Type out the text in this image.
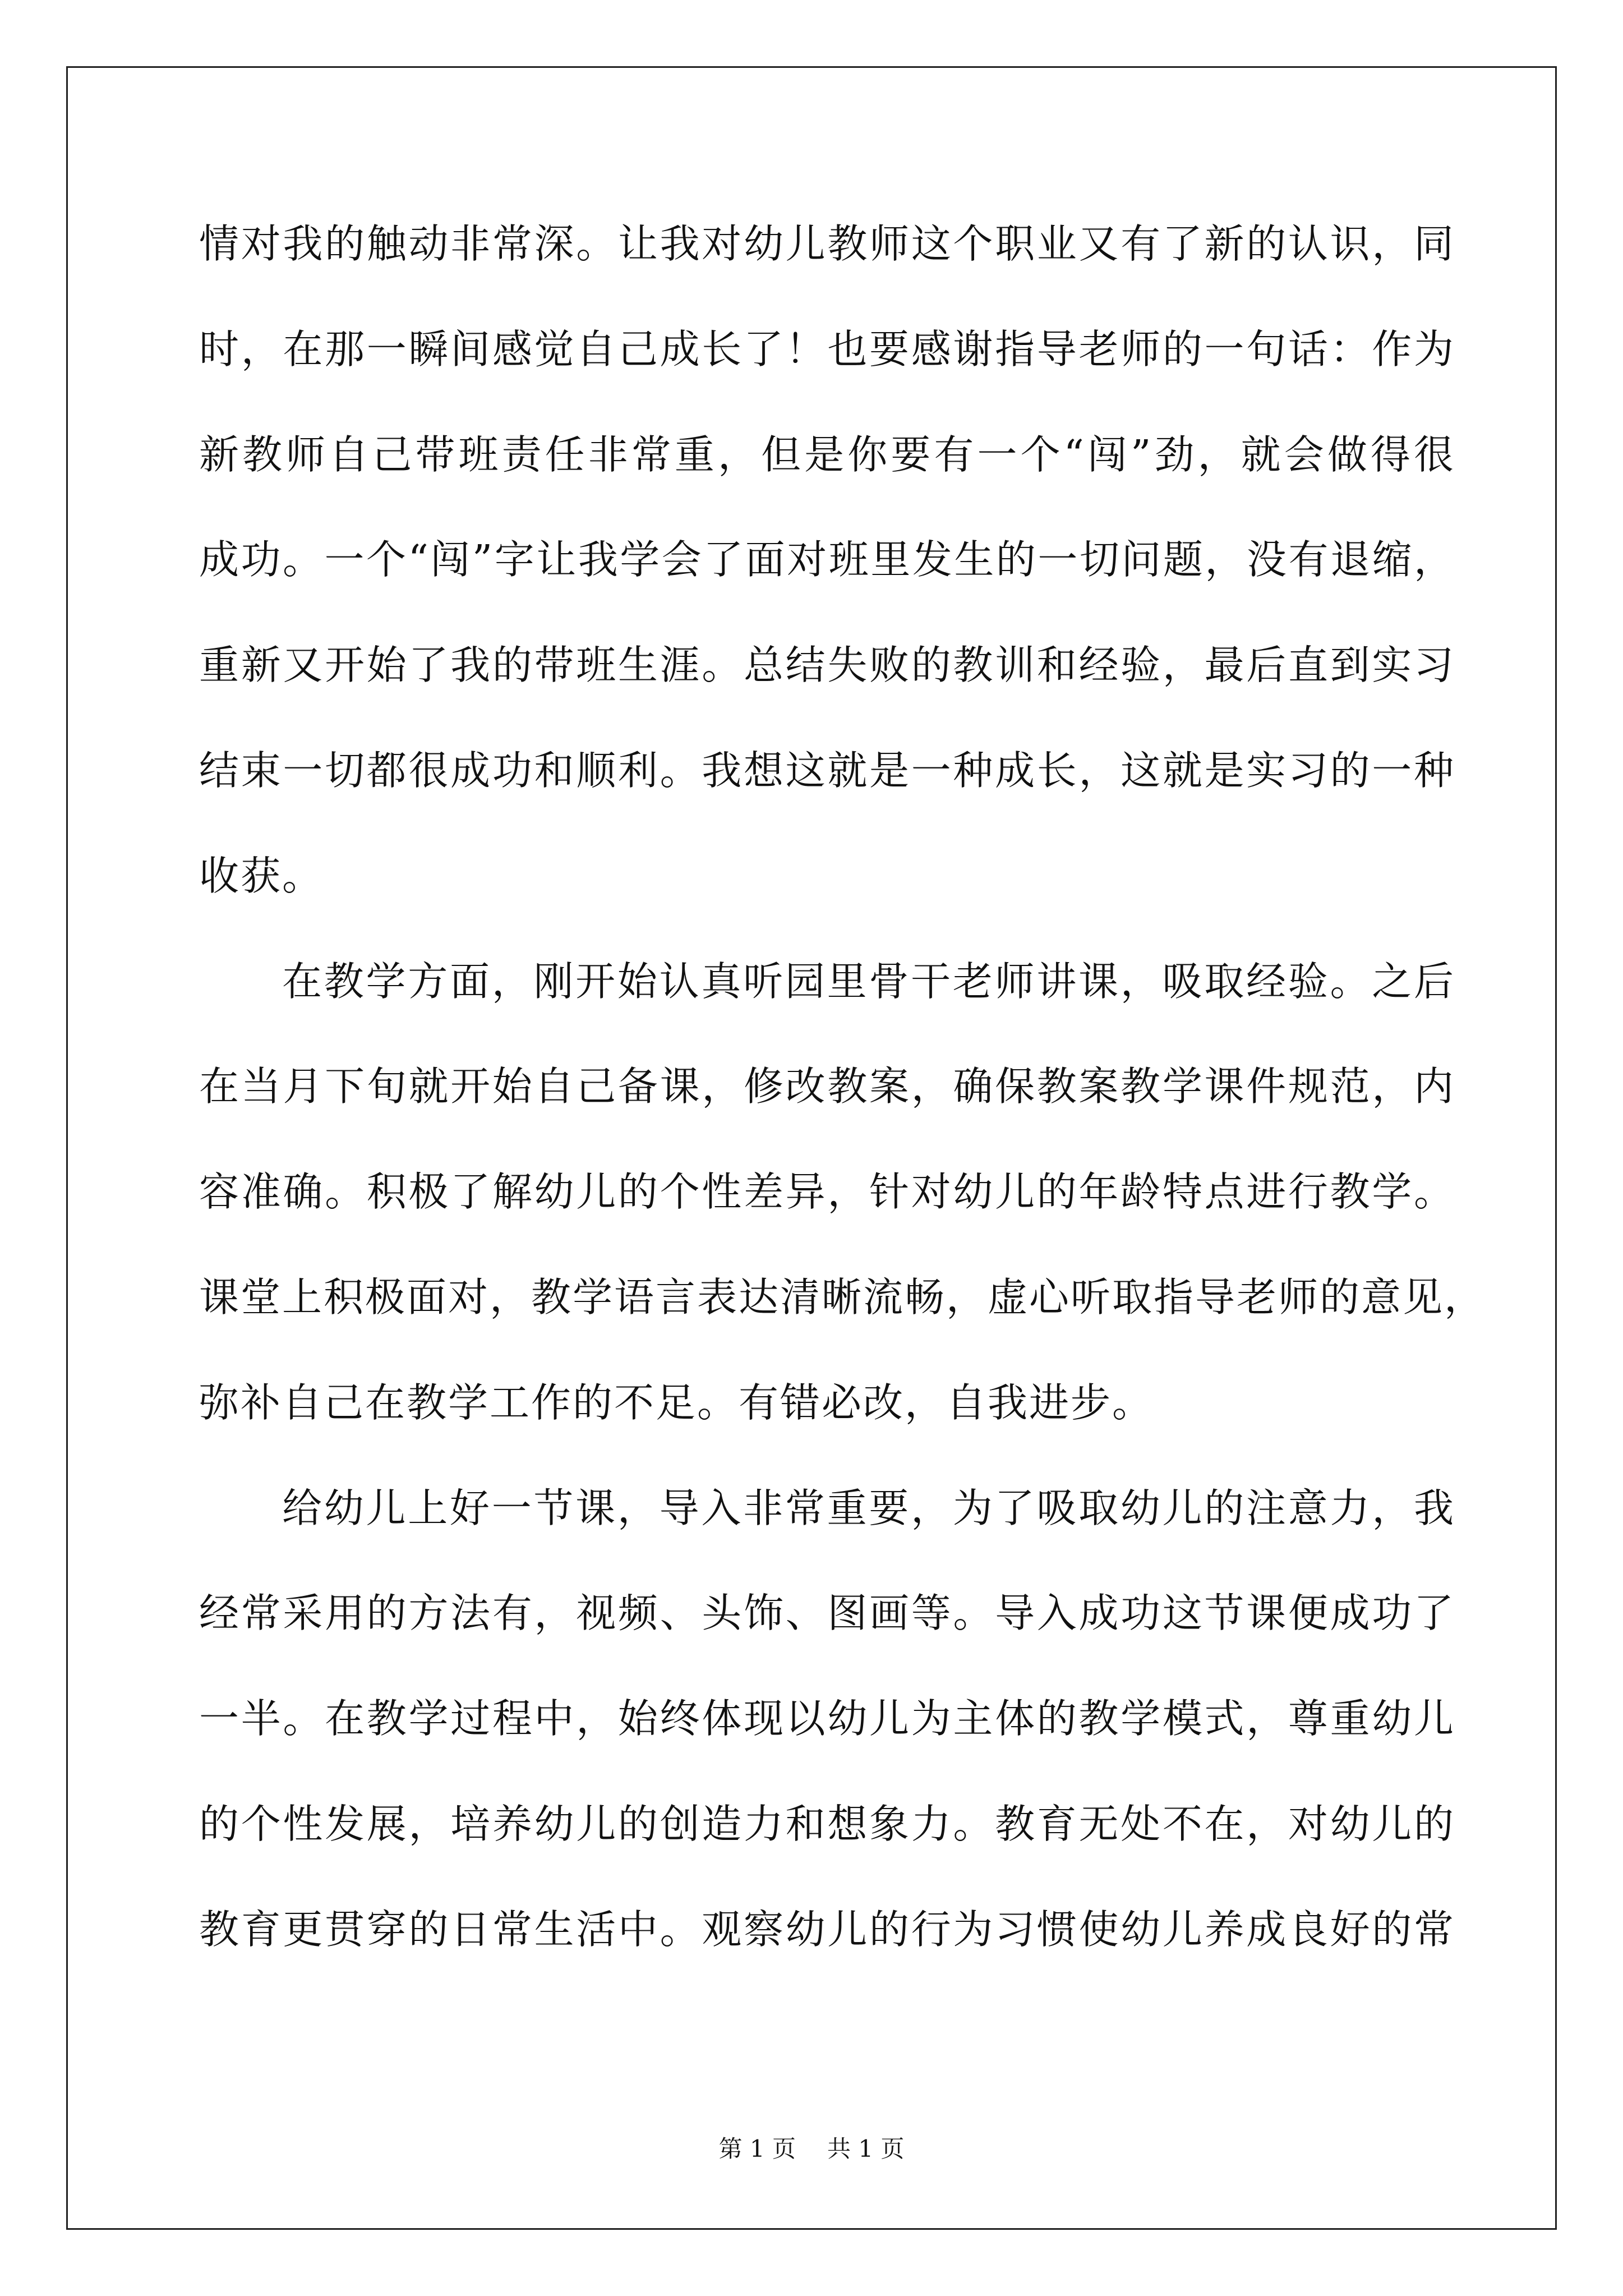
情对我的触动非常深。让我对幼儿教师这个职业又有了新的认识，同
时，在那一瞬间感觉自己成长了！也要感谢指导老师的一句话：作为
新教师自己带班责任非常重，但是你要有一个“闯”劲，就会做得很
成功。一个“闯”字让我学会了面对班里发生的一切问题，没有退缩，
重新又开始了我的带班生涯。总结失败的教训和经验，最后直到实习
结束一切都很成功和顺利。我想这就是一种成长，这就是实习的一种
收获。
在教学方面，刚开始认真听园里骨干老师讲课，吸取经验。之后
在当月下旬就开始自己备课，修改教案，确保教案教学课件规范，内
容准确。积极了解幼儿的个性差异，针对幼儿的年龄特点进行教学。
课堂上积极面对，教学语言表达清晰流畅，虚心听取指导老师的意见，
弥补自己在教学工作的不足。有错必改，自我进步。
给幼儿上好一节课，导入非常重要，为了吸取幼儿的注意力，我
经常采用的方法有，视频、头饰、图画等。导入成功这节课便成功了
一半。在教学过程中，始终体现以幼儿为主体的教学模式，尊重幼儿
的个性发展，培养幼儿的创造力和想象力。教育无处不在，对幼儿的
教育更贯穿的日常生活中。观察幼儿的行为习惯使幼儿养成良好的常
第 1 页 共 1 页
